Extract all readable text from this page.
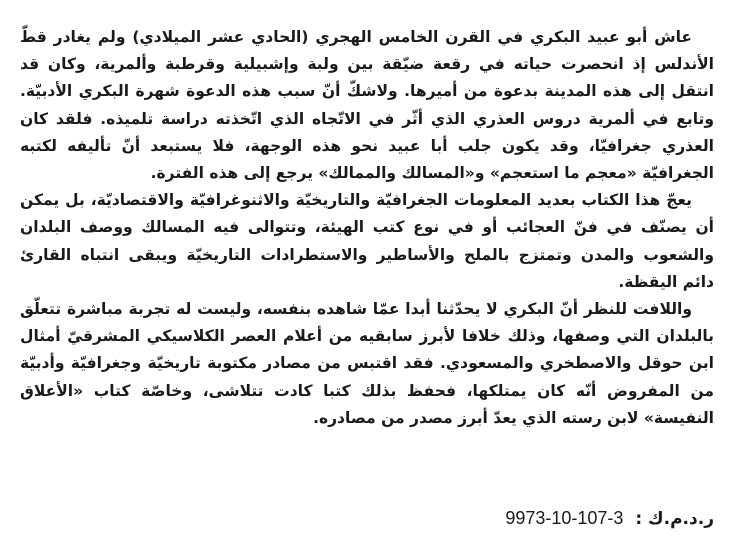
عاش أبو عبيد البكري في القرن الخامس الهجري (الحادي عشر الميلادي) ولم يغادر قطّ الأندلس إذ انحصرت حياته في رقعة ضيّقة بين ولبة وإشبيلية وقرطبة وألمرية، وكان قد انتقل إلى هذه المدينة بدعوة من أميرها. ولاشكّ أنّ سبب هذه الدعوة شهرة البكري الأدبيّة. وتابع في ألمرية دروس العذري الذي أثّر في الاتّجاه الذي اتّخذته دراسة تلميذه. فلقد كان العذري جغرافيّا، وقد يكون جلب أبا عبيد نحو هذه الوجهة، فلا يستبعد أنّ تأليفه لكتبه الجغرافيّة «معجم ما استعجم» و«المسالك والممالك» يرجع إلى هذه الفترة.

يعجّ هذا الكتاب بعديد المعلومات الجغرافيّة والتاريخيّة والاثنوغرافيّة والاقتصاديّة، بل يمكن أن يصنّف في فنّ العجائب أو في نوع كتب الهيئة، وتتوالى فيه المسالك ووصف البلدان والشعوب والمدن وتمتزج بالملح والأساطير والاستطرادات التاريخيّة ويبقى انتباه القارئ دائم اليقظة.

واللافت للنظر أنّ البكري لا يحدّثنا أبدا عمّا شاهده بنفسه، وليست له تجربة مباشرة تتعلّق بالبلدان التي وصفها، وذلك خلافا لأبرز سابقيه من أعلام العصر الكلاسيكي المشرقيّ أمثال ابن حوقل والاصطخري والمسعودي. فقد اقتبس من مصادر مكتوبة تاريخيّة وجغرافيّة وأدبيّة من المفروض أنّه كان يمتلكها، فحفظ بذلك كتبا كادت تتلاشى، وخاصّة كتاب «الأعلاق النفيسة» لابن رسته الذي يعدّ أبرز مصدر من مصادره.

ر.د.م.ك : 9973-10-107-3
